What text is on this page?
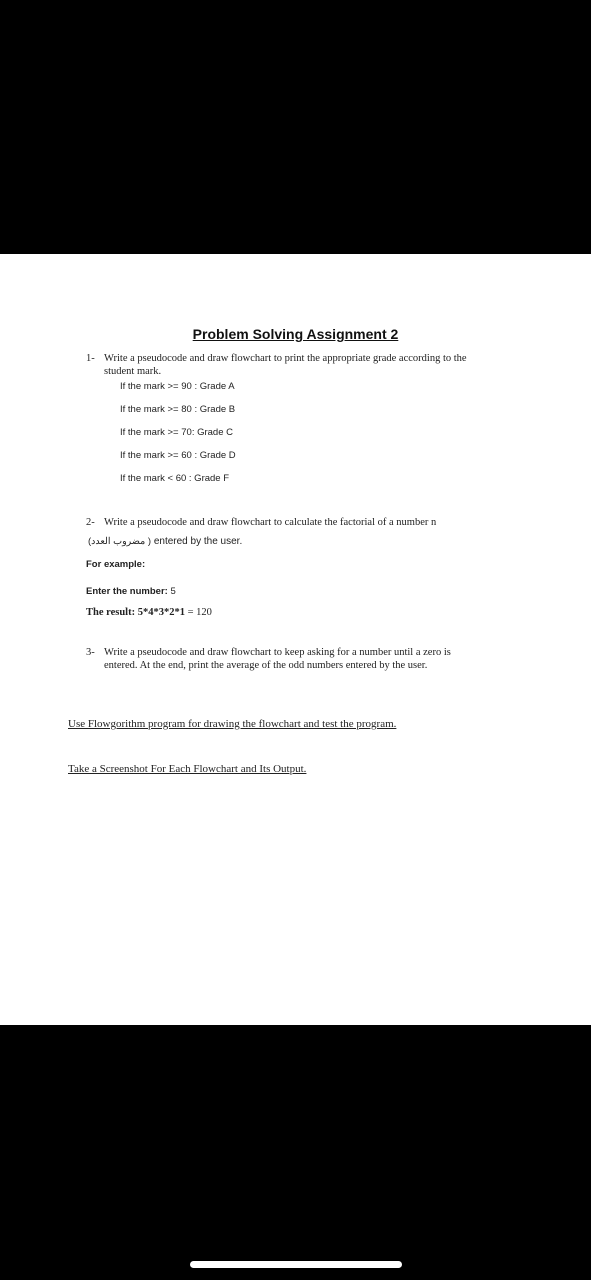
Problem Solving Assignment 2
1- Write a pseudocode and draw flowchart to print the appropriate grade according to the
student mark.
If the mark >= 90 : Grade A
If the mark >= 80 : Grade B
If the mark >= 70: Grade C
If the mark >= 60 : Grade D
If the mark < 60 : Grade F
2- Write a pseudocode and draw flowchart to calculate the factorial of a number n
( مضروب العدد) entered by the user.
For example:
Enter the number: 5
The result: 5*4*3*2*1 = 120
3- Write a pseudocode and draw flowchart to keep asking for a number until a zero is
entered. At the end, print the average of the odd numbers entered by the user.
Use Flowgorithm program for drawing the flowchart and test the program.
Take a Screenshot For Each Flowchart and Its Output.
